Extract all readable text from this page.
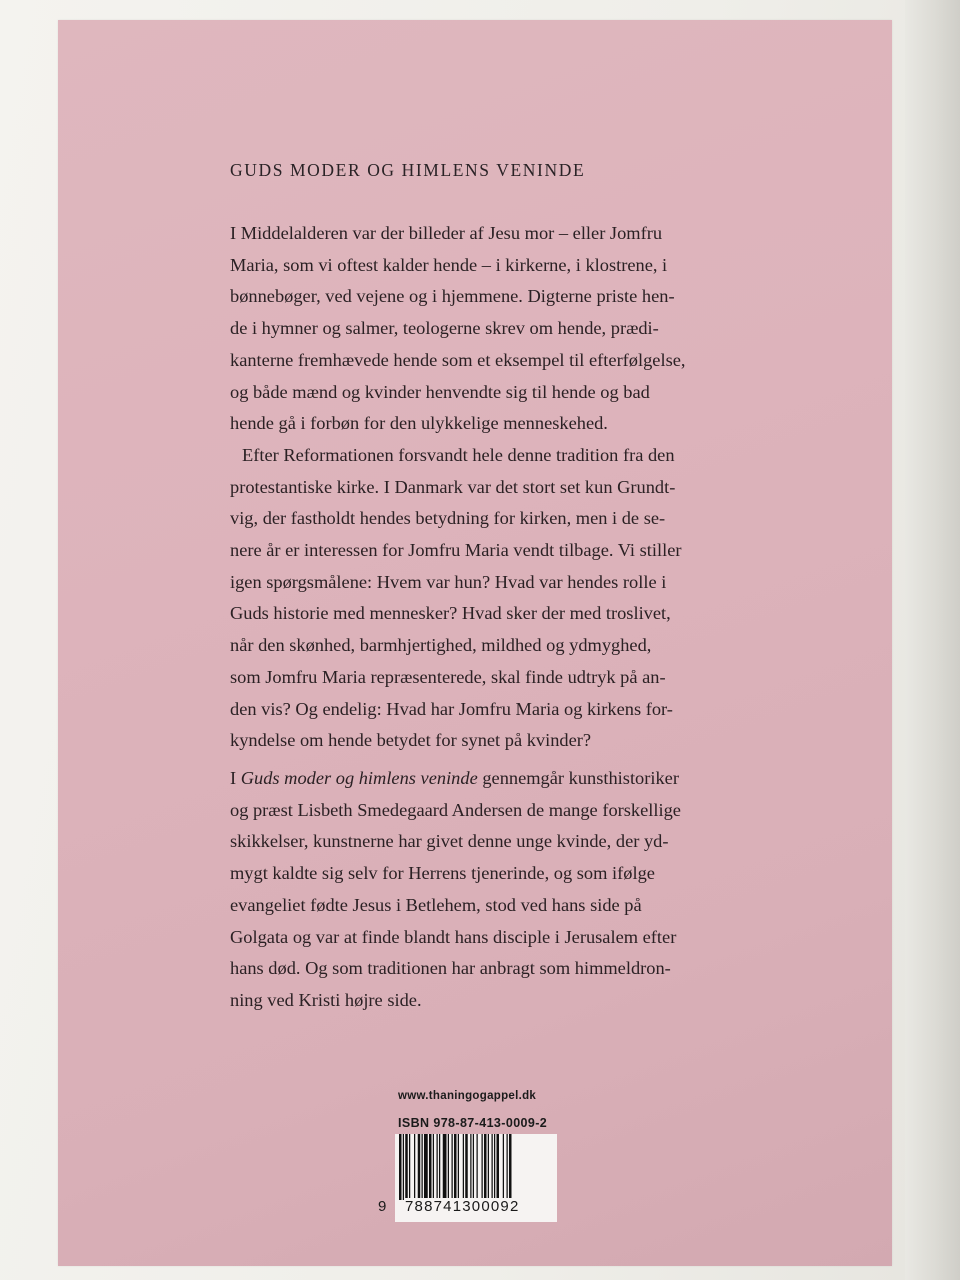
GUDS MODER OG HIMLENS VENINDE

I Middelalderen var der billeder af Jesu mor – eller Jomfru

Maria, som vi oftest kalder hende – i kirkerne, i klostrene, i

bønnebøger, ved vejene og i hjemmene. Digterne priste hen-

de i hymner og salmer, teologerne skrev om hende, prædi-

kanterne fremhævede hende som et eksempel til efterfølgelse,

og både mænd og kvinder henvendte sig til hende og bad

hende gå i forbøn for den ulykkelige menneskehed.

Efter Reformationen forsvandt hele denne tradition fra den

protestantiske kirke. I Danmark var det stort set kun Grundt-

vig, der fastholdt hendes betydning for kirken, men i de se-

nere år er interessen for Jomfru Maria vendt tilbage. Vi stiller

igen spørgsmålene: Hvem var hun? Hvad var hendes rolle i

Guds historie med mennesker? Hvad sker der med troslivet,

når den skønhed, barmhjertighed, mildhed og ydmyghed,

som Jomfru Maria repræsenterede, skal finde udtryk på an-

den vis? Og endelig: Hvad har Jomfru Maria og kirkens for-

kyndelse om hende betydet for synet på kvinder?

I Guds moder og himlens veninde gennemgår kunsthistoriker

og præst Lisbeth Smedegaard Andersen de mange forskellige

skikkelser, kunstnerne har givet denne unge kvinde, der yd-

mygt kaldte sig selv for Herrens tjenerinde, og som ifølge

evangeliet fødte Jesus i Betlehem, stod ved hans side på

Golgata og var at finde blandt hans disciple i Jerusalem efter

hans død. Og som traditionen har anbragt som himmeldron-

ning ved Kristi højre side.

www.thaningogappel.dk
ISBN 978-87-413-0009-2
9 788741300092
